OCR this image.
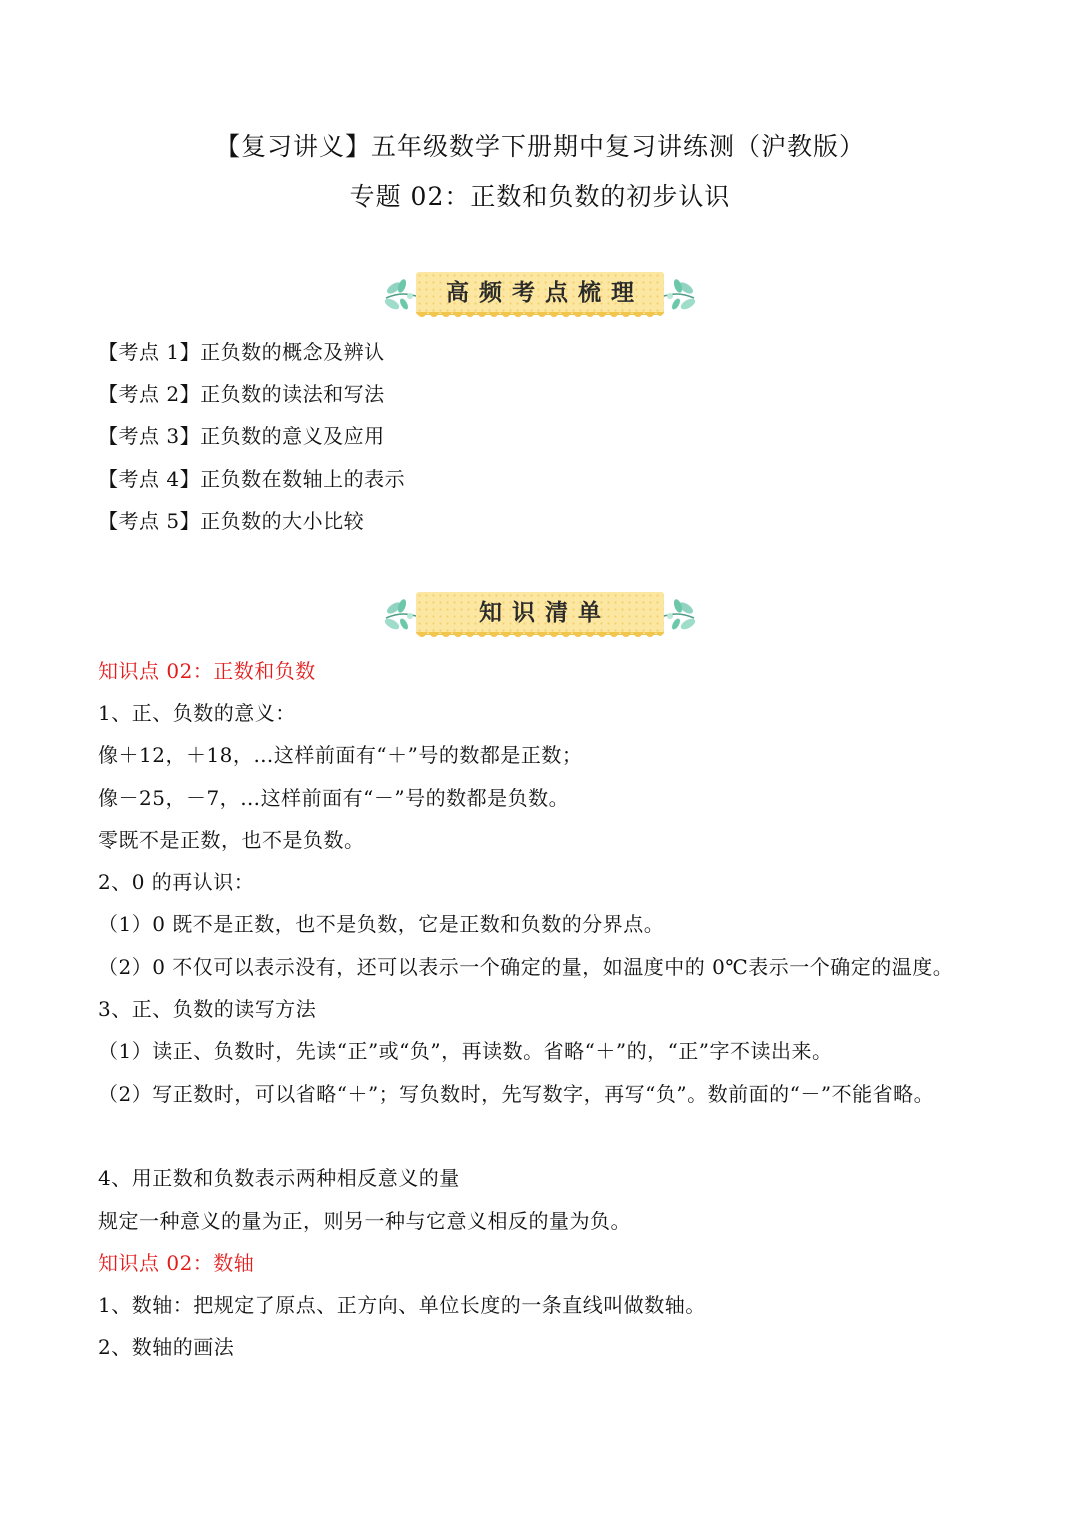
【复习讲义】五年级数学下册期中复习讲练测（沪教版）
专题 02：正数和负数的初步认识
高频考点梳理
【考点 1】正负数的概念及辨认
【考点 2】正负数的读法和写法
【考点 3】正负数的意义及应用
【考点 4】正负数在数轴上的表示
【考点 5】正负数的大小比较
知识清单
知识点 02：正数和负数
1、正、负数的意义：
像＋12，＋18，…这样前面有“＋”号的数都是正数；
像－25，－7，…这样前面有“－”号的数都是负数。
零既不是正数，也不是负数。
2、0 的再认识：
（1）0 既不是正数，也不是负数，它是正数和负数的分界点。
（2）0 不仅可以表示没有，还可以表示一个确定的量，如温度中的 0℃表示一个确定的温度。
3、正、负数的读写方法
（1）读正、负数时，先读“正”或“负”，再读数。省略“＋”的，“正”字不读出来。
（2）写正数时，可以省略“＋”；写负数时，先写数字，再写“负”。数前面的“－”不能省略。
4、用正数和负数表示两种相反意义的量
规定一种意义的量为正，则另一种与它意义相反的量为负。
知识点 02：数轴
1、数轴：把规定了原点、正方向、单位长度的一条直线叫做数轴。
2、数轴的画法
